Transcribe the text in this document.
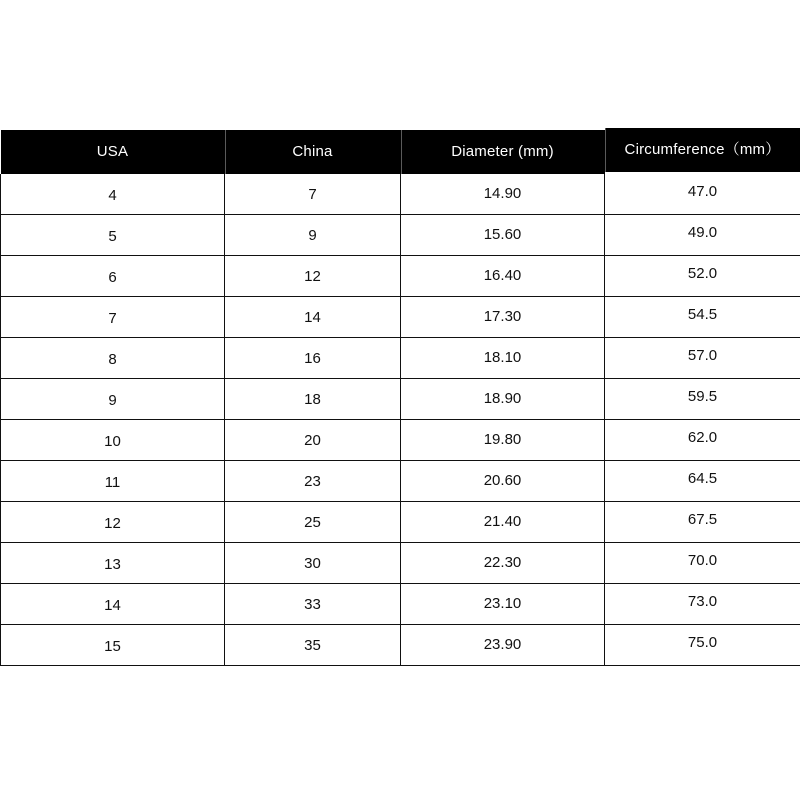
USA	China	Diameter (mm)	Circumference（mm）

4	7	14.90	47.0

5	9	15.60	49.0

6	12	16.40	52.0

7	14	17.30	54.5

8	16	18.10	57.0

9	18	18.90	59.5

10	20	19.80	62.0

11	23	20.60	64.5

12	25	21.40	67.5

13	30	22.30	70.0

14	33	23.10	73.0

15	35	23.90	75.0
